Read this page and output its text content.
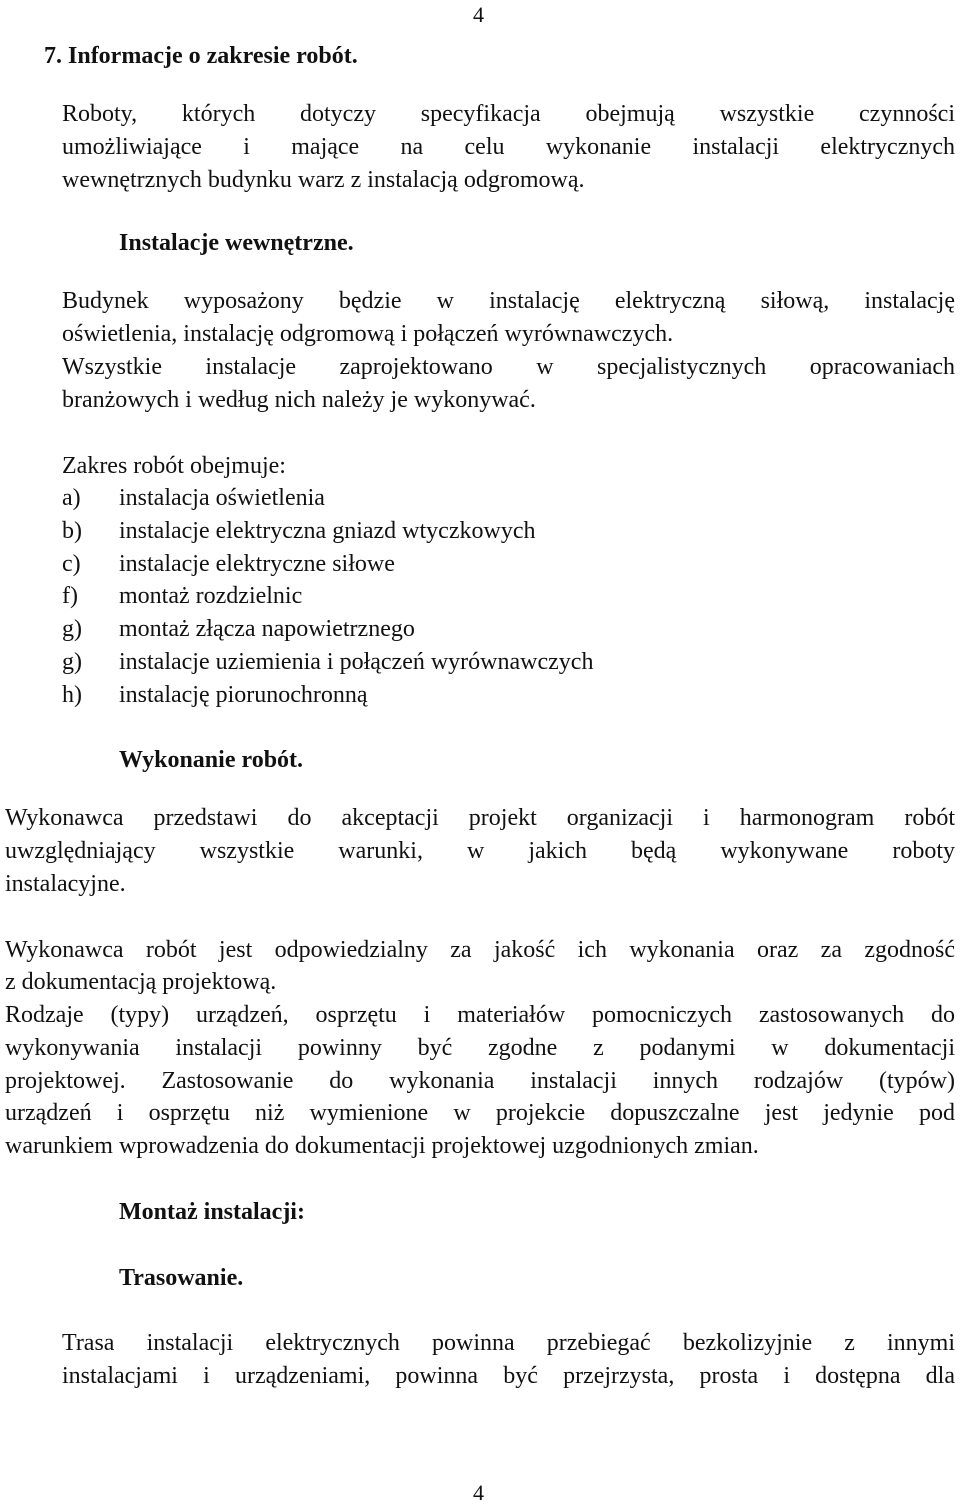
4
4
7. Informacje o zakresie robót.
Roboty, których dotyczy specyfikacja obejmują wszystkie czynności
umożliwiające i mające na celu wykonanie instalacji elektrycznych
wewnętrznych budynku warz z instalacją odgromową.
Instalacje wewnętrzne.
Budynek wyposażony będzie w instalację elektryczną siłową, instalację
oświetlenia, instalację odgromową i połączeń wyrównawczych.
Wszystkie instalacje zaprojektowano w specjalistycznych opracowaniach
branżowych i według nich należy je wykonywać.
Zakres robót obejmuje:
a) instalacja oświetlenia
b) instalacje elektryczna gniazd wtyczkowych
c) instalacje elektryczne siłowe
f) montaż rozdzielnic
g) montaż złącza napowietrznego
g) instalacje uziemienia i połączeń wyrównawczych
h) instalację piorunochronną
Wykonanie robót.
Wykonawca przedstawi do akceptacji projekt organizacji i harmonogram robót
uwzględniający wszystkie warunki, w jakich będą wykonywane roboty
instalacyjne.
Wykonawca robót jest odpowiedzialny za jakość ich wykonania oraz za zgodność
z dokumentacją projektową.
Rodzaje (typy) urządzeń, osprzętu i materiałów pomocniczych zastosowanych do
wykonywania instalacji powinny być zgodne z podanymi w dokumentacji
projektowej. Zastosowanie do wykonania instalacji innych rodzajów (typów)
urządzeń i osprzętu niż wymienione w projekcie dopuszczalne jest jedynie pod
warunkiem wprowadzenia do dokumentacji projektowej uzgodnionych zmian.
Montaż instalacji:
Trasowanie.
Trasa instalacji elektrycznych powinna przebiegać bezkolizyjnie z innymi
instalacjami i urządzeniami, powinna być przejrzysta, prosta i dostępna dla
